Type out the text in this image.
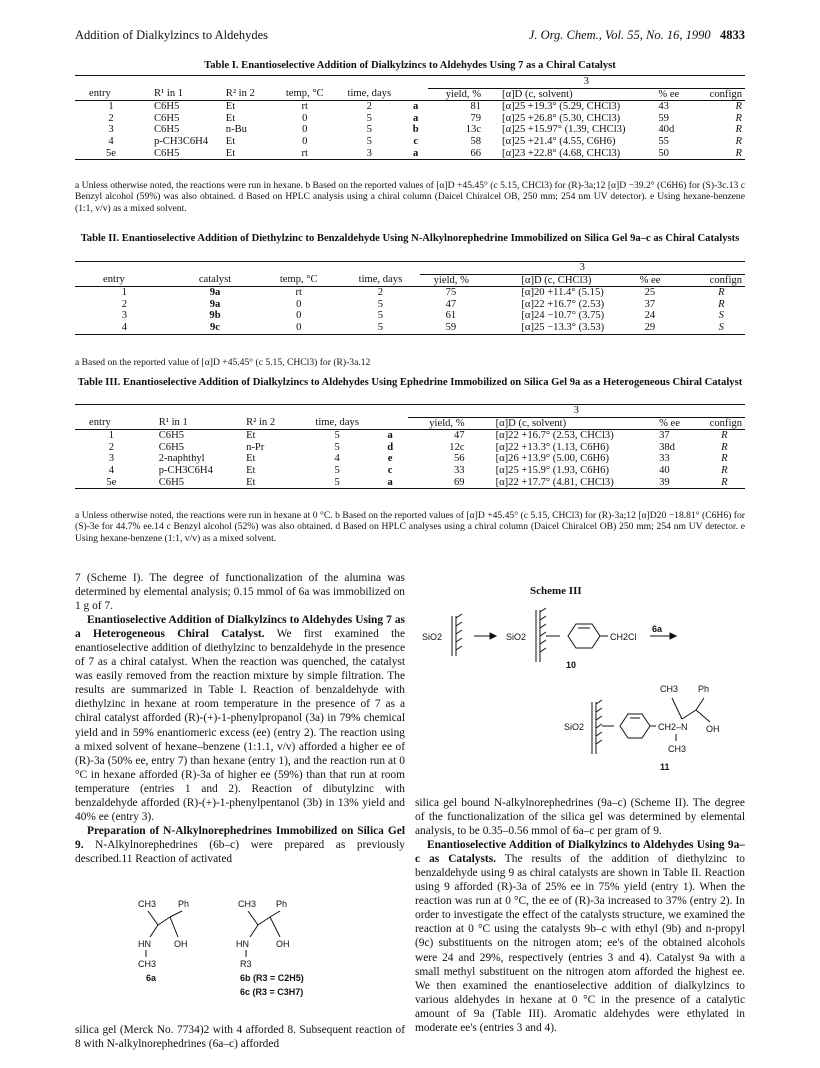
Addition of Dialkylzincs to Aldehydes	J. Org. Chem., Vol. 55, No. 16, 1990 4833
Table I. Enantioselective Addition of Dialkylzincs to Aldehydes Using 7 as a Chiral Catalyst
						3			
entry	R¹ in 1	R² in 2	temp, °C	time, days		yield, %	[α]D (c, solvent)	% ee	confign
1	C6H5	Et	rt	2	a	81	[α]25 +19.3° (5.29, CHCl3)	43	R
2	C6H5	Et	0	5	a	79	[α]25 +26.8° (5.30, CHCl3)	59	R
3	C6H5	n-Bu	0	5	b	13c	[α]25 +15.97° (1.39, CHCl3)	40d	R
4	p-CH3C6H4	Et	0	5	c	58	[α]25 +21.4° (4.55, C6H6)	55	R
5e	C6H5	Et	rt	3	a	66	[α]23 +22.8° (4.68, CHCl3)	50	R
a Unless otherwise noted, the reactions were run in hexane. b Based on the reported values of [α]D +45.45° (c 5.15, CHCl3) for (R)-3a;12 [α]D −39.2° (C6H6) for (S)-3c.13 c Benzyl alcohol (59%) was also obtained. d Based on HPLC analysis using a chiral column (Daicel Chiralcel OB, 250 mm; 254 nm UV detector). e Using hexane-benzene (1:1, v/v) as a mixed solvent.
Table II. Enantioselective Addition of Diethylzinc to Benzaldehyde Using N-Alkylnorephedrine Immobilized on Silica Gel 9a–c as Chiral Catalysts
				3			
entry	catalyst	temp, °C	time, days	yield, %	[α]D (c, CHCl3)	% ee	confign
1	9a	rt	2	75	[α]20 +11.4° (5.15)	25	R
2	9a	0	5	47	[α]22 +16.7° (2.53)	37	R
3	9b	0	5	61	[α]24 −10.7° (3.75)	24	S
4	9c	0	5	59	[α]25 −13.3° (3.53)	29	S
a Based on the reported value of [α]D +45.45° (c 5.15, CHCl3) for (R)-3a.12
Table III. Enantioselective Addition of Dialkylzincs to Aldehydes Using Ephedrine Immobilized on Silica Gel 9a as a Heterogeneous Chiral Catalyst
					3			
entry	R¹ in 1	R² in 2	time, days		yield, %	[α]D (c, solvent)	% ee	confign
1	C6H5	Et	5	a	47	[α]22 +16.7° (2.53, CHCl3)	37	R
2	C6H5	n-Pr	5	d	12c	[α]22 +13.3° (1.13, C6H6)	38d	R
3	2-naphthyl	Et	4	e	56	[α]26 +13.9° (5.00, C6H6)	33	R
4	p-CH3C6H4	Et	5	c	33	[α]25 +15.9° (1.93, C6H6)	40	R
5e	C6H5	Et	5	a	69	[α]22 +17.7° (4.81, CHCl3)	39	R
a Unless otherwise noted, the reactions were run in hexane at 0 °C. b Based on the reported values of [α]D +45.45° (c 5.15, CHCl3) for (R)-3a;12 [α]D20 −18.81° (C6H6) for (S)-3e for 44.7% ee.14 c Benzyl alcohol (52%) was also obtained. d Based on HPLC analyses using a chiral column (Daicel Chiralcel OB) 250 mm; 254 nm UV detector. e Using hexane-benzene (1:1, v/v) as a mixed solvent.

7 (Scheme I). The degree of functionalization of the alumina was determined by elemental analysis; 0.15 mmol of 6a was immobilized on 1 g of 7.

Enantioselective Addition of Dialkylzincs to Aldehydes Using 7 as a Heterogeneous Chiral Catalyst. We first examined the enantioselective addition of diethylzinc to benzaldehyde in the presence of 7 as a chiral catalyst. When the reaction was quenched, the catalyst was easily removed from the reaction mixture by simple filtration. The results are summarized in Table I. Reaction of benzaldehyde with diethylzinc in hexane at room temperature in the presence of 7 as a chiral catalyst afforded (R)-(+)-1-phenylpropanol (3a) in 79% chemical yield and in 59% enantiomeric excess (ee) (entry 2). The reaction using a mixed solvent of hexane–benzene (1:1.1, v/v) afforded a higher ee of (R)-3a (50% ee, entry 7) than hexane (entry 1), and the reaction run at 0 °C in hexane afforded (R)-3a of higher ee (59%) than that run at room temperature (entries 1 and 2). Reaction of dibutylzinc with benzaldehyde afforded (R)-(+)-1-phenylpentanol (3b) in 13% yield and 40% ee (entry 3).

Preparation of N-Alkylnorephedrines Immobilized on Silica Gel 9. N-Alkylnorephedrines (6b–c) were prepared as previously described.11 Reaction of activated

CH3 Ph
HN	OH
CH3
6a
CH3 Ph
HN	OH
R3
6b (R3 = C2H5)
6c (R3 = C3H7)

silica gel (Merck No. 7734)2 with 4 afforded 8. Subsequent reaction of 8 with N-alkylnorephedrines (6a–c) afforded

Scheme III
SiO2	SiO2	CH2Cl
6a
10
CH3 Ph
SiO2	CH2–N OH
CH3
11

silica gel bound N-alkylnorephedrines (9a–c) (Scheme II). The degree of the functionalization of the silica gel was determined by elemental analysis, to be 0.35–0.56 mmol of 6a–c per gram of 9.

Enantioselective Addition of Dialkylzincs to Aldehydes Using 9a–c as Catalysts. The results of the addition of diethylzinc to benzaldehyde using 9 as chiral catalysts are shown in Table II. Reaction using 9 afforded (R)-3a of 25% ee in 75% yield (entry 1). When the reaction was run at 0 °C, the ee of (R)-3a increased to 37% (entry 2). In order to investigate the effect of the catalysts structure, we examined the reaction at 0 °C using the catalysts 9b–c with ethyl (9b) and n-propyl (9c) substituents on the nitrogen atom; ee's of the obtained alcohols were 24 and 29%, respectively (entries 3 and 4). Catalyst 9a with a small methyl substituent on the nitrogen atom afforded the highest ee. We then examined the enantioselective addition of dialkylzincs to various aldehydes in hexane at 0 °C in the presence of a catalytic amount of 9a (Table III). Aromatic aldehydes were ethylated in moderate ee's (entries 3 and 4).
